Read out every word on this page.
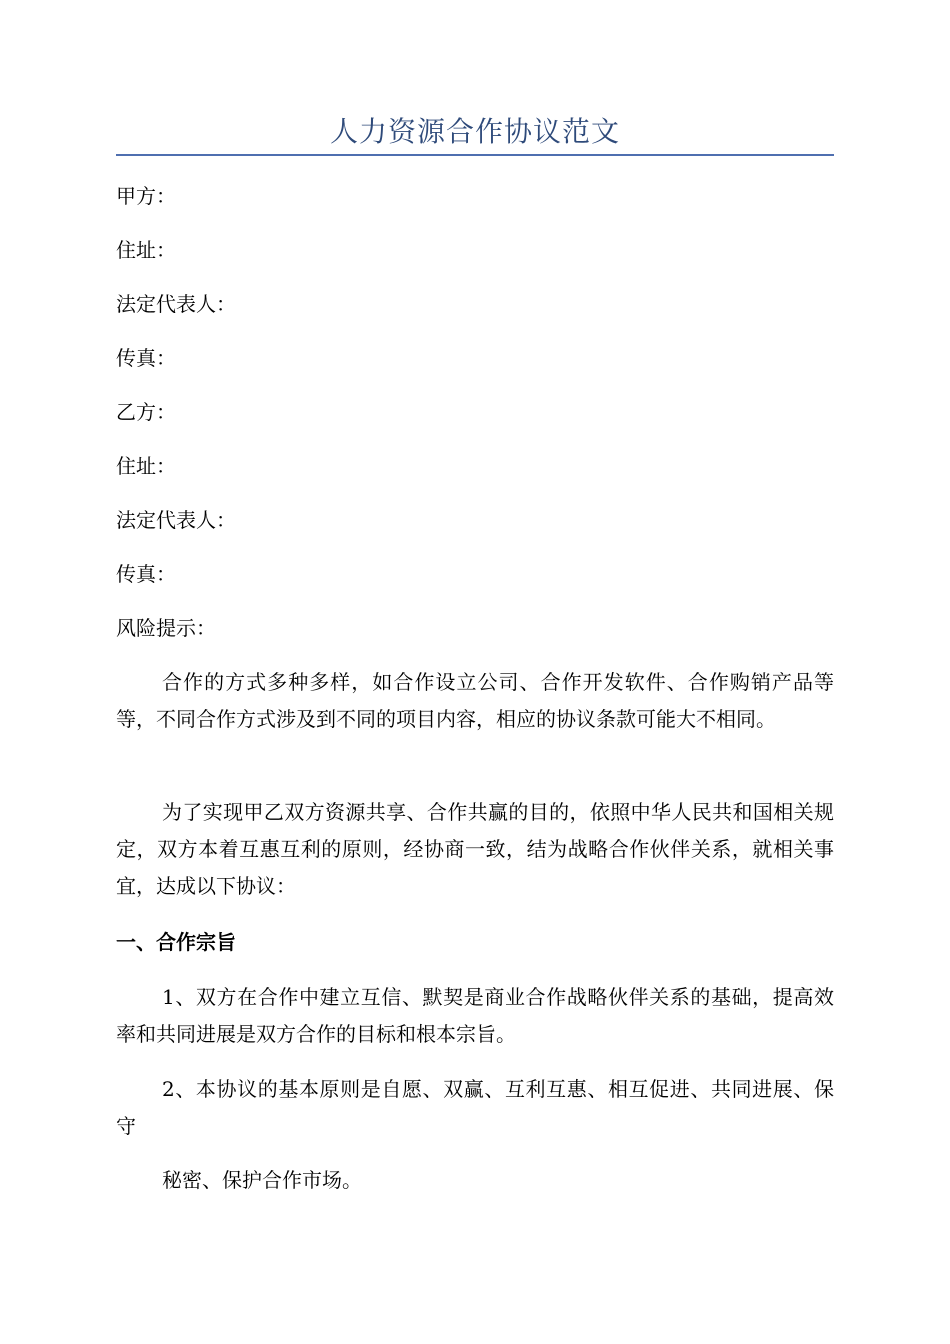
人力资源合作协议范文
甲方：
住址：
法定代表人：
传真：
乙方：
住址：
法定代表人：
传真：
风险提示：
合作的方式多种多样，如合作设立公司、合作开发软件、合作购销产品等等，不同合作方式涉及到不同的项目内容，相应的协议条款可能大不相同。
为了实现甲乙双方资源共享、合作共赢的目的，依照中华人民共和国相关规定，双方本着互惠互利的原则，经协商一致，结为战略合作伙伴关系，就相关事宜，达成以下协议：
一、合作宗旨
1、双方在合作中建立互信、默契是商业合作战略伙伴关系的基础，提高效率和共同进展是双方合作的目标和根本宗旨。
2、本协议的基本原则是自愿、双赢、互利互惠、相互促进、共同进展、保守
秘密、保护合作市场。
